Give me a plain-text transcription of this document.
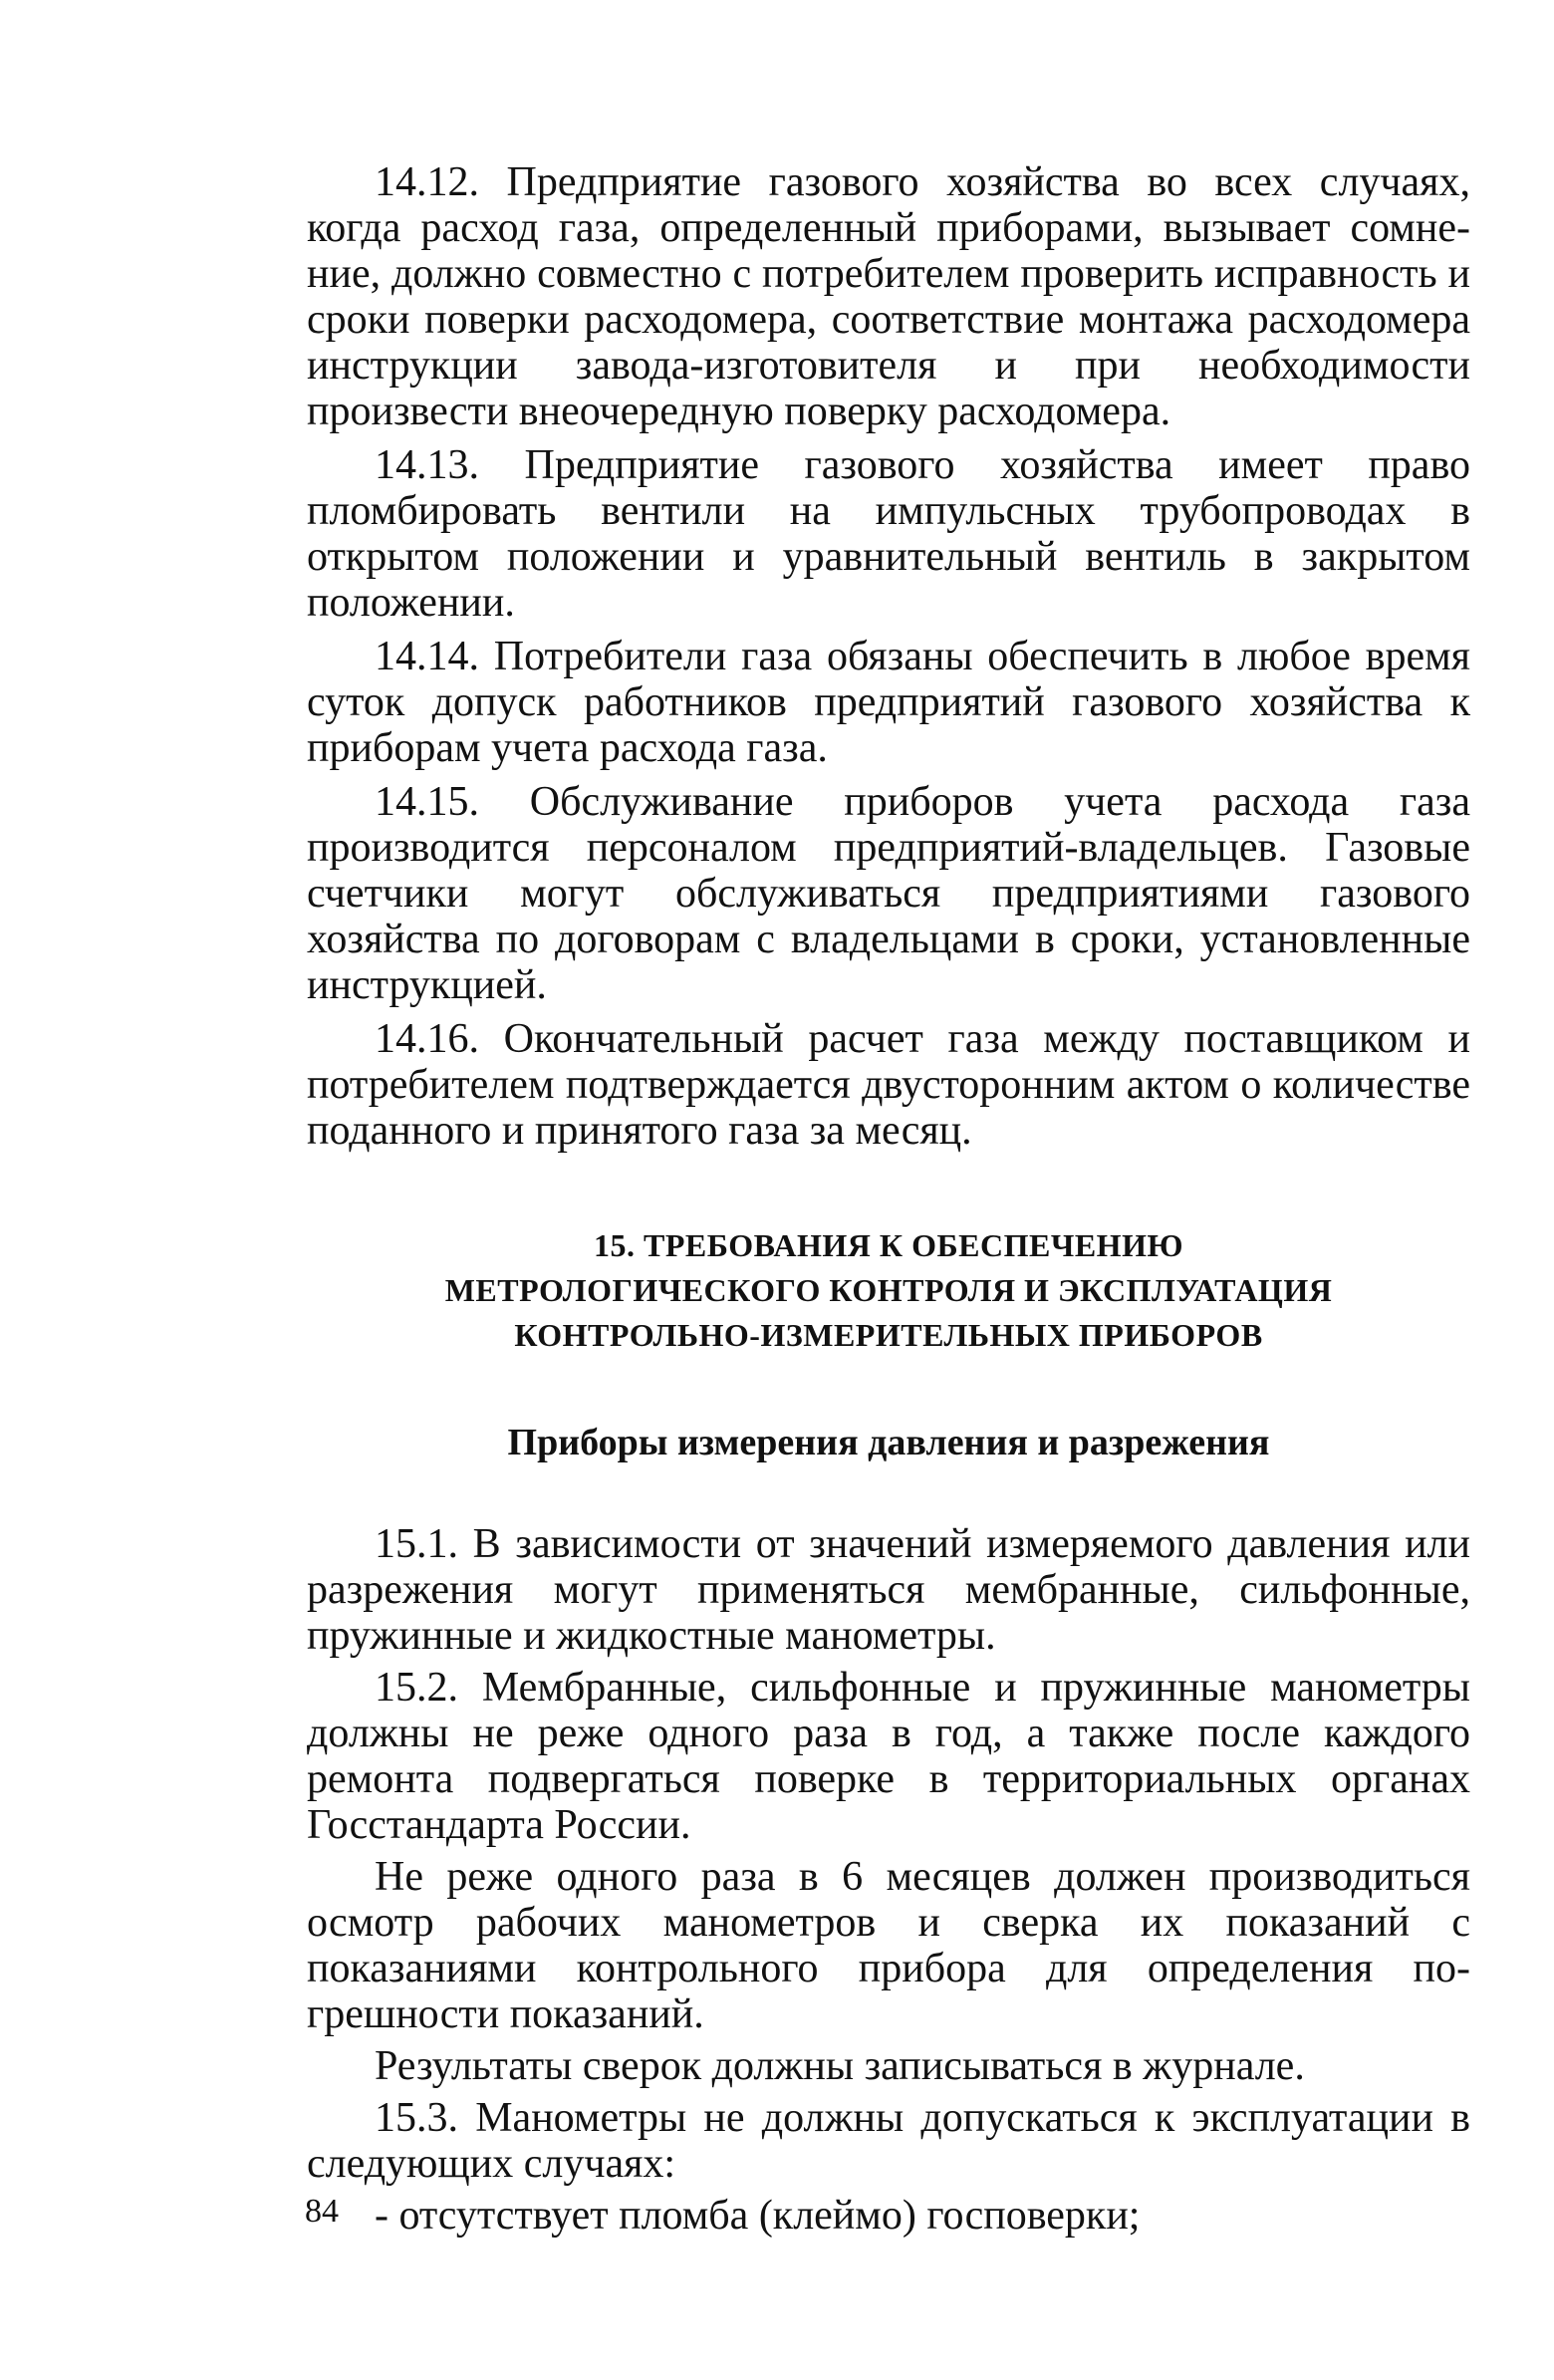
14.12. Предприятие газового хозяйства во всех случаях, когда расход газа, определенный приборами, вызывает сомнение, должно совместно с потребителем проверить исправность и сроки поверки расходомера, соответствие монтажа расходомера инструкции завода-изготовителя и при необходимости произвести внеочередную поверку расходомера.

14.13. Предприятие газового хозяйства имеет право пломбировать вентили на импульсных трубопроводах в открытом положении и уравнительный вентиль в закрытом положении.

14.14. Потребители газа обязаны обеспечить в любое время суток допуск работников предприятий газового хозяйства к приборам учета расхода газа.

14.15. Обслуживание приборов учета расхода газа производится персоналом предприятий-владельцев. Газовые счетчики могут обслуживаться предприятиями газового хозяйства по договорам с владельцами в сроки, установленные инструкцией.

14.16. Окончательный расчет газа между поставщиком и потребителем подтверждается двусторонним актом о количестве поданного и принятого газа за месяц.

15. ТРЕБОВАНИЯ К ОБЕСПЕЧЕНИЮ
МЕТРОЛОГИЧЕСКОГО КОНТРОЛЯ И ЭКСПЛУАТАЦИЯ
КОНТРОЛЬНО-ИЗМЕРИТЕЛЬНЫХ ПРИБОРОВ
Приборы измерения давления и разрежения

15.1. В зависимости от значений измеряемого давления или разрежения могут применяться мембранные, сильфонные, пружинные и жидкостные манометры.

15.2. Мембранные, сильфонные и пружинные манометры должны не реже одного раза в год, а также после каждого ремонта подвергаться поверке в территориальных органах Госстандарта России.

Не реже одного раза в 6 месяцев должен производиться осмотр рабочих манометров и сверка их показаний с показаниями контрольного прибора для определения погрешности показаний.

Результаты сверок должны записываться в журнале.

15.3. Манометры не должны допускаться к эксплуатации в следующих случаях:

- отсутствует пломба (клеймо) госповерки;

84
